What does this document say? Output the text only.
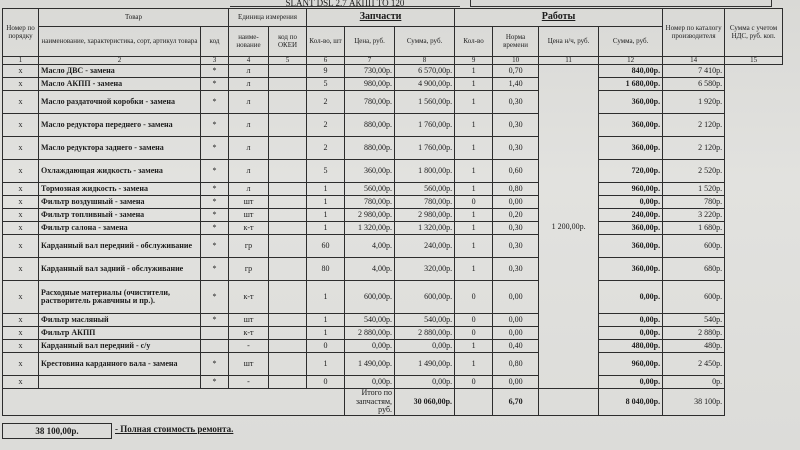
SLANT DSL 2.7 АКПП ТО 120
Номер по порядку	Товар		Единица измерения		Запчасти			Работы				Номер по каталогу производителя	Сумма с учетом НДС, руб. коп.
	наименование, характеристика, сорт, артикул товара	код	наиме- нование	код по ОКЕИ	Кол-во, шт	Цена, руб.	Сумма, руб.	Кол-во	Норма времени	Цена н/ч, руб.	Сумма, руб.		
1	2	3	4	5	6	7	8	9	10	11	12	14	15
х	Масло ДВС - замена	*	л		9	730,00р.	6 570,00р.	1	0,70	1 200,00р.	840,00р.	7 410р.	
х	Масло АКПП - замена	*	л		5	980,00р.	4 900,00р.	1	1,40		1 680,00р.	6 580р.	
х	Масло раздаточной коробки - замена	*	л		2	780,00р.	1 560,00р.	1	0,30		360,00р.	1 920р.	
х	Масло редуктора переднего - замена	*	л		2	880,00р.	1 760,00р.	1	0,30		360,00р.	2 120р.	
х	Масло редуктора заднего - замена	*	л		2	880,00р.	1 760,00р.	1	0,30		360,00р.	2 120р.	
х	Охлаждающая жидкость - замена	*	л		5	360,00р.	1 800,00р.	1	0,60		720,00р.	2 520р.	
х	Тормозная жидкость - замена	*	л		1	560,00р.	560,00р.	1	0,80		960,00р.	1 520р.	
х	Фильтр воздушный - замена	*	шт		1	780,00р.	780,00р.	0	0,00		0,00р.	780р.	
х	Фильтр топливный - замена	*	шт		1	2 980,00р.	2 980,00р.	1	0,20		240,00р.	3 220р.	
х	Фильтр салона - замена	*	к-т		1	1 320,00р.	1 320,00р.	1	0,30		360,00р.	1 680р.	
х	Карданный вал передний - обслуживание	*	гр		60	4,00р.	240,00р.	1	0,30		360,00р.	600р.	
х	Карданный вал задний - обслуживание	*	гр		80	4,00р.	320,00р.	1	0,30		360,00р.	680р.	
х	Расходные материалы (очистители, растворитель ржавчины и пр.).	*	к-т		1	600,00р.	600,00р.	0	0,00		0,00р.	600р.	
х	Фильтр масляный	*	шт		1	540,00р.	540,00р.	0	0,00		0,00р.	540р.	
х	Фильтр АКПП		к-т		1	2 880,00р.	2 880,00р.	0	0,00		0,00р.	2 880р.	
х	Карданный вал передний - с/у		-		0	0,00р.	0,00р.	1	0,40		480,00р.	480р.	
х	Крестовина карданного вала - замена	*	шт		1	1 490,00р.	1 490,00р.	1	0,80		960,00р.	2 450р.	
х		*	-		0	0,00р.	0,00р.	0	0,00		0,00р.	0р.	
						Итого по запчастям, руб.	30 060,00р.		6,70		8 040,00р.	38 100р.	
38 100,00р.	- Полная стоимость ремонта.
